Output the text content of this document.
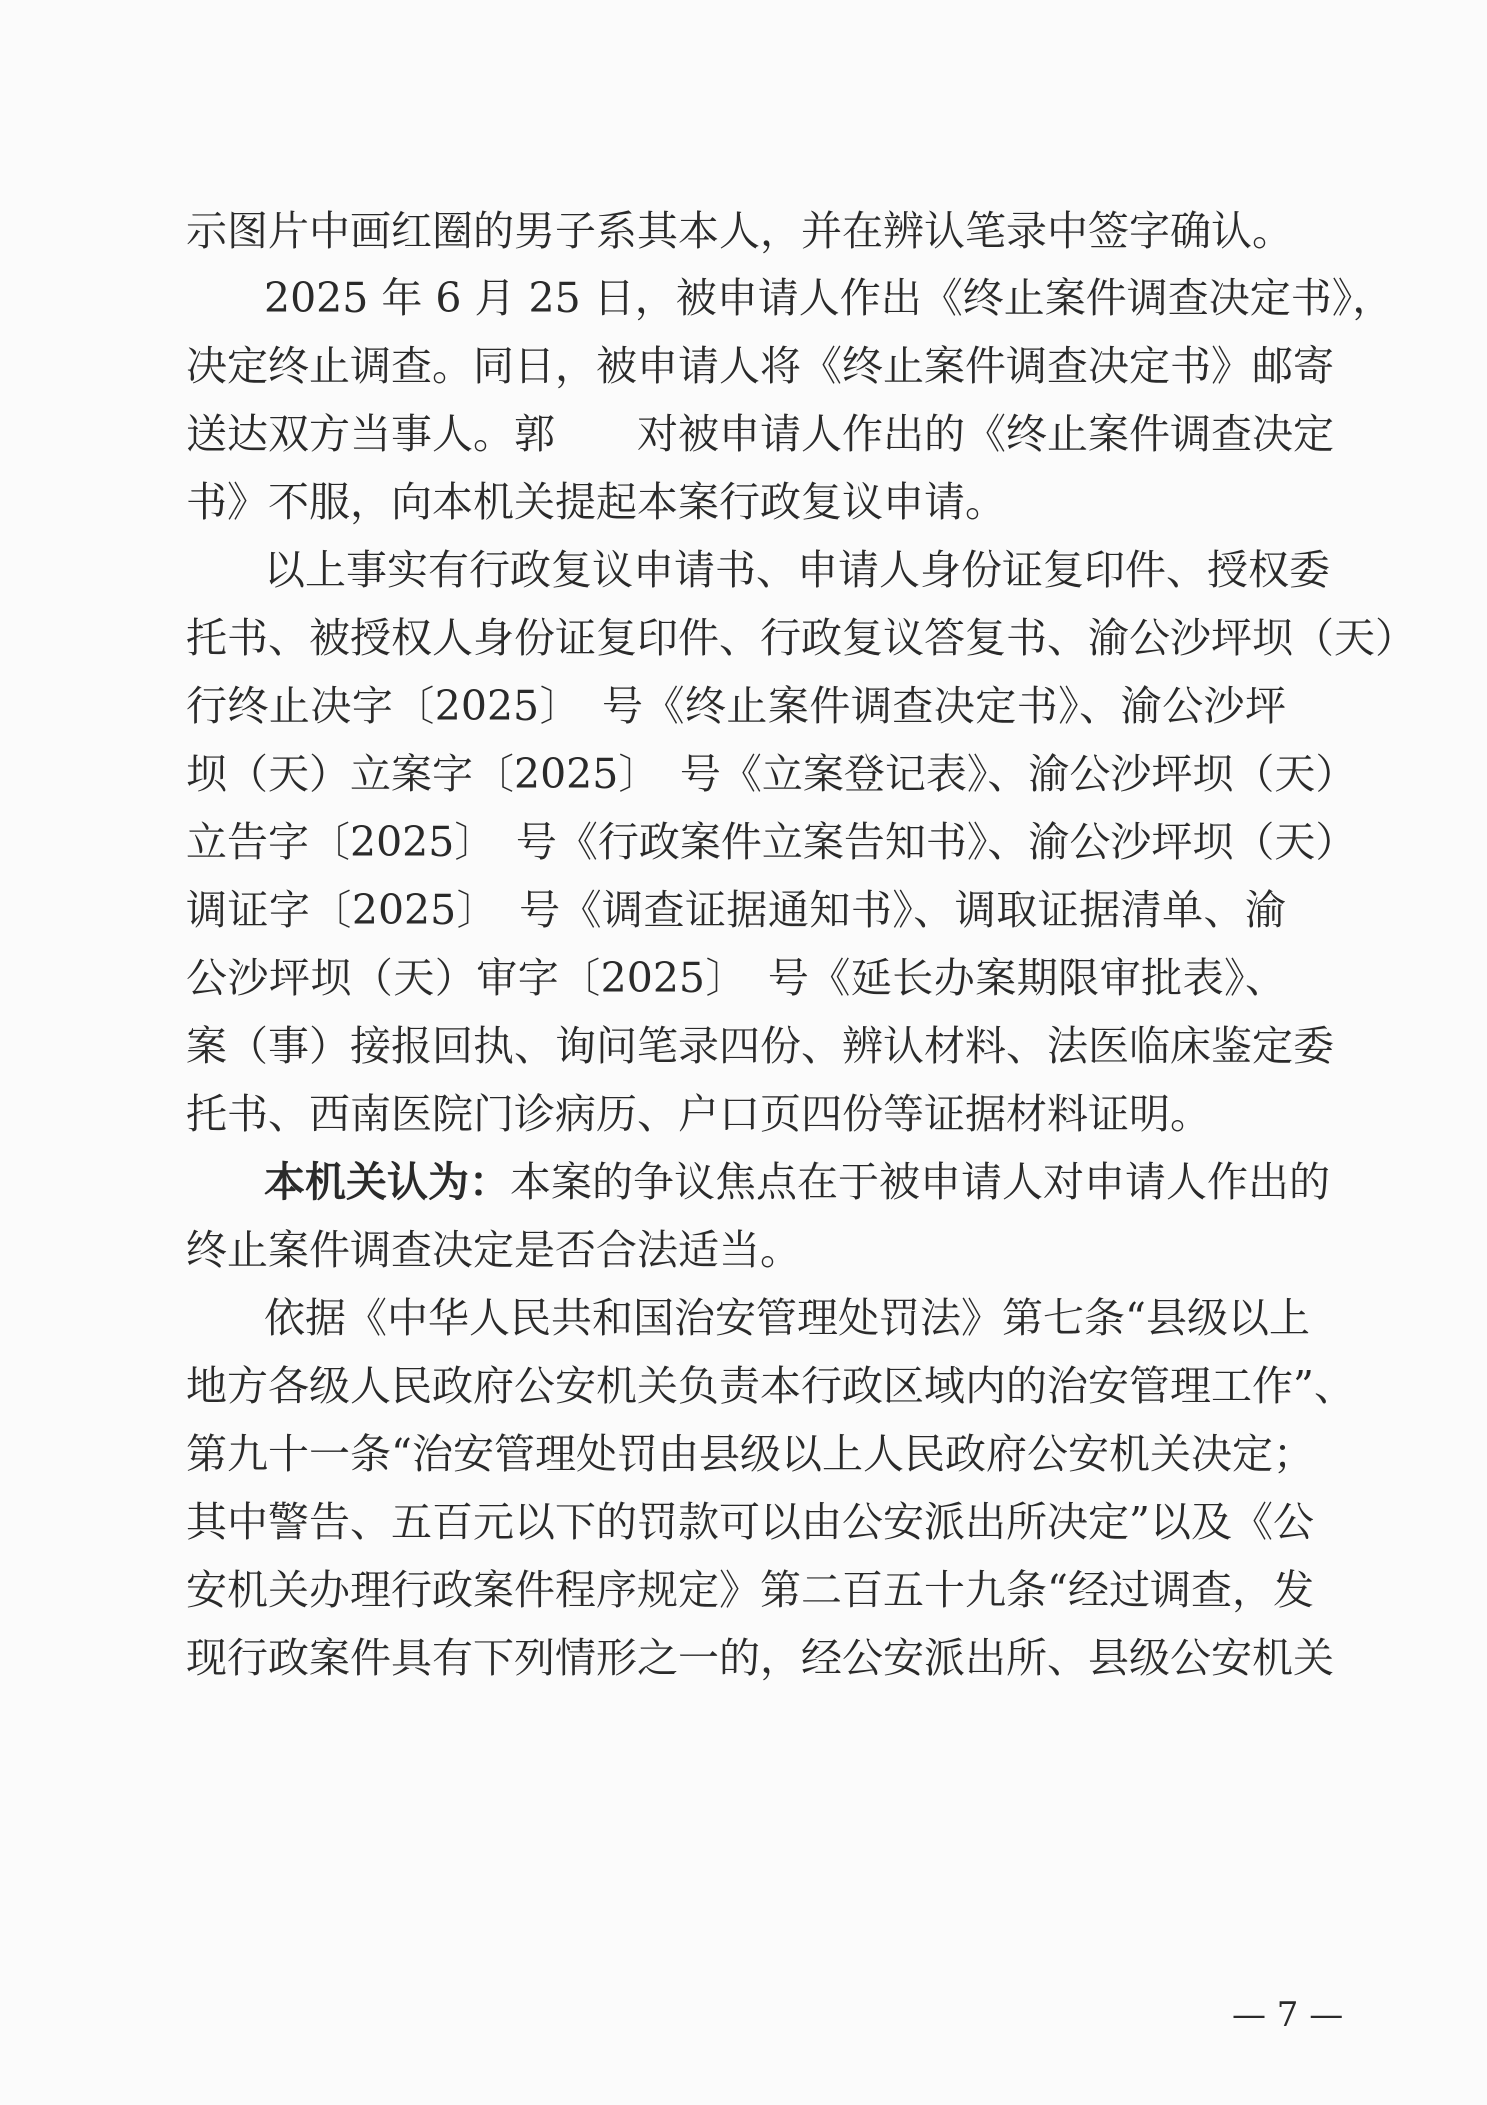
示图片中画红圈的男子系其本人，并在辨认笔录中签字确认。
2025 年 6 月 25 日，被申请人作出《终止案件调查决定书》，
决定终止调查。同日，被申请人将《终止案件调查决定书》邮寄
送达双方当事人。郭　　对被申请人作出的《终止案件调查决定
书》不服，向本机关提起本案行政复议申请。
以上事实有行政复议申请书、申请人身份证复印件、授权委
托书、被授权人身份证复印件、行政复议答复书、渝公沙坪坝（天）
行终止决字〔2025〕　号《终止案件调查决定书》、渝公沙坪
坝（天）立案字〔2025〕　号《立案登记表》、渝公沙坪坝（天）
立告字〔2025〕　号《行政案件立案告知书》、渝公沙坪坝（天）
调证字〔2025〕　号《调查证据通知书》、调取证据清单、渝
公沙坪坝（天）审字〔2025〕　号《延长办案期限审批表》、
案（事）接报回执、询问笔录四份、辨认材料、法医临床鉴定委
托书、西南医院门诊病历、户口页四份等证据材料证明。
本机关认为：本案的争议焦点在于被申请人对申请人作出的
终止案件调查决定是否合法适当。
依据《中华人民共和国治安管理处罚法》第七条“县级以上
地方各级人民政府公安机关负责本行政区域内的治安管理工作”、
第九十一条“治安管理处罚由县级以上人民政府公安机关决定；
其中警告、五百元以下的罚款可以由公安派出所决定”以及《公
安机关办理行政案件程序规定》第二百五十九条“经过调查，发
现行政案件具有下列情形之一的，经公安派出所、县级公安机关
— 7 —
